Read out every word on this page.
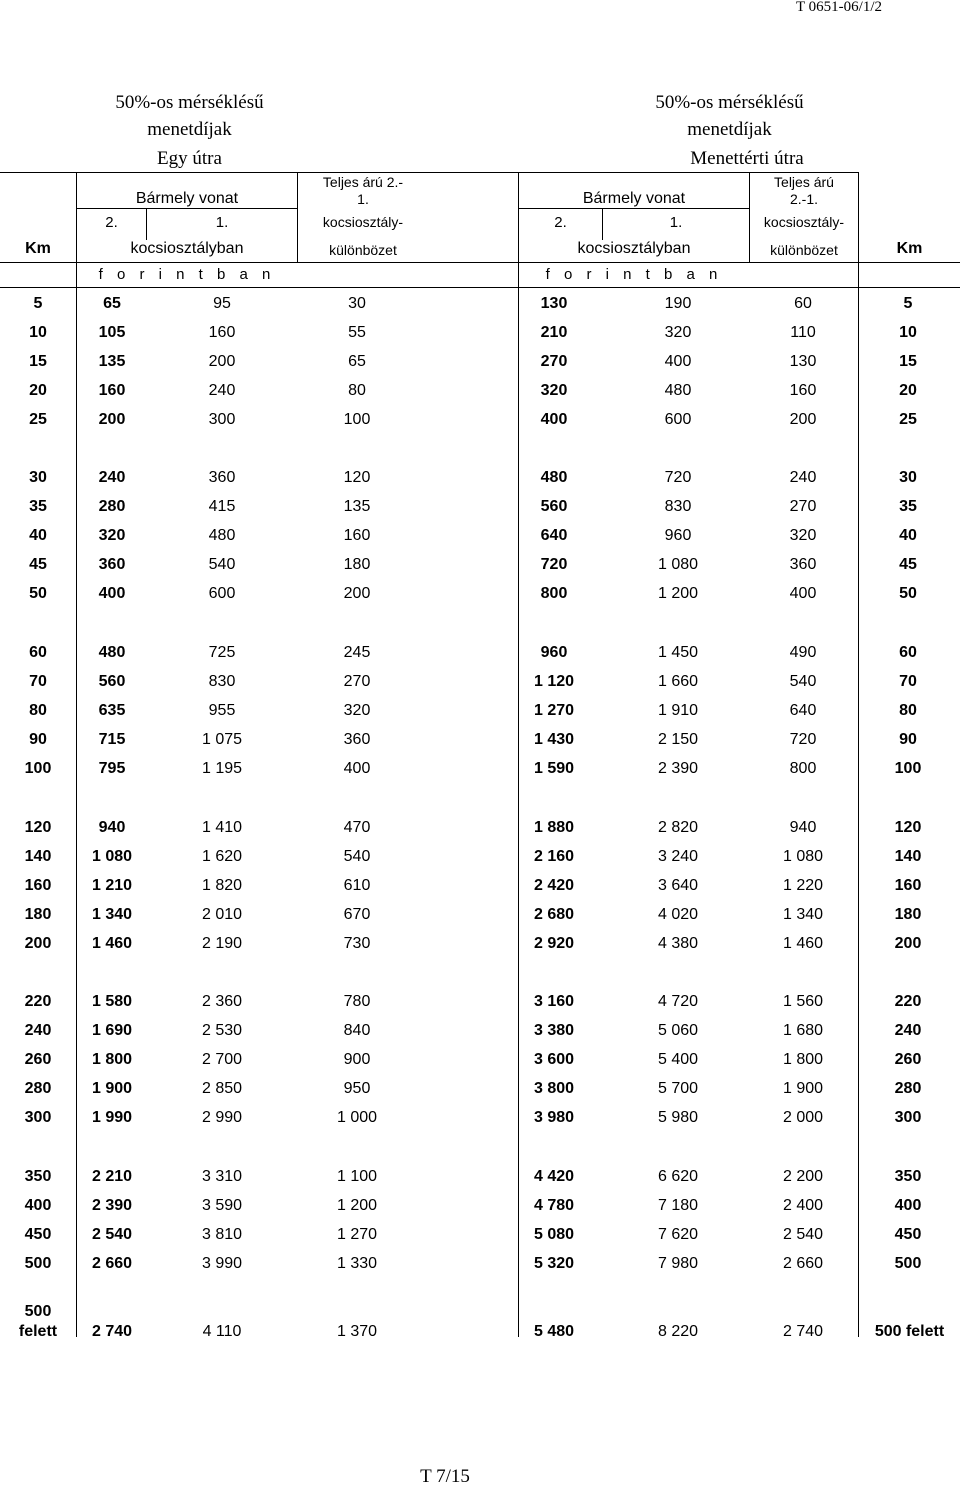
T 0651-06/1/2
50%-os mérséklésű
menetdíjak
Egy útra
50%-os mérséklésű
menetdíjak
Menettérti útra
Bármely vonat
2.	1.
kocsiosztályban
Teljes árú 2.-
1.
kocsiosztály-
különbözet
f o r i n t b a n
Bármely vonat
2.	1.
kocsiosztályban
Teljes árú
2.-1.
kocsiosztály-
különbözet
f o r i n t b a n
Km	Km
5	65	95	30	130	190	60	5
10	105	160	55	210	320	110	10
15	135	200	65	270	400	130	15
20	160	240	80	320	480	160	20
25	200	300	100	400	600	200	25
30	240	360	120	480	720	240	30
35	280	415	135	560	830	270	35
40	320	480	160	640	960	320	40
45	360	540	180	720	1 080	360	45
50	400	600	200	800	1 200	400	50
60	480	725	245	960	1 450	490	60
70	560	830	270	1 120	1 660	540	70
80	635	955	320	1 270	1 910	640	80
90	715	1 075	360	1 430	2 150	720	90
100	795	1 195	400	1 590	2 390	800	100
120	940	1 410	470	1 880	2 820	940	120
140	1 080	1 620	540	2 160	3 240	1 080	140
160	1 210	1 820	610	2 420	3 640	1 220	160
180	1 340	2 010	670	2 680	4 020	1 340	180
200	1 460	2 190	730	2 920	4 380	1 460	200
220	1 580	2 360	780	3 160	4 720	1 560	220
240	1 690	2 530	840	3 380	5 060	1 680	240
260	1 800	2 700	900	3 600	5 400	1 800	260
280	1 900	2 850	950	3 800	5 700	1 900	280
300	1 990	2 990	1 000	3 980	5 980	2 000	300
350	2 210	3 310	1 100	4 420	6 620	2 200	350
400	2 390	3 590	1 200	4 780	7 180	2 400	400
450	2 540	3 810	1 270	5 080	7 620	2 540	450
500	2 660	3 990	1 330	5 320	7 980	2 660	500
500
felett	2 740	4 110	1 370	5 480	8 220	2 740	500 felett
T 7/15
